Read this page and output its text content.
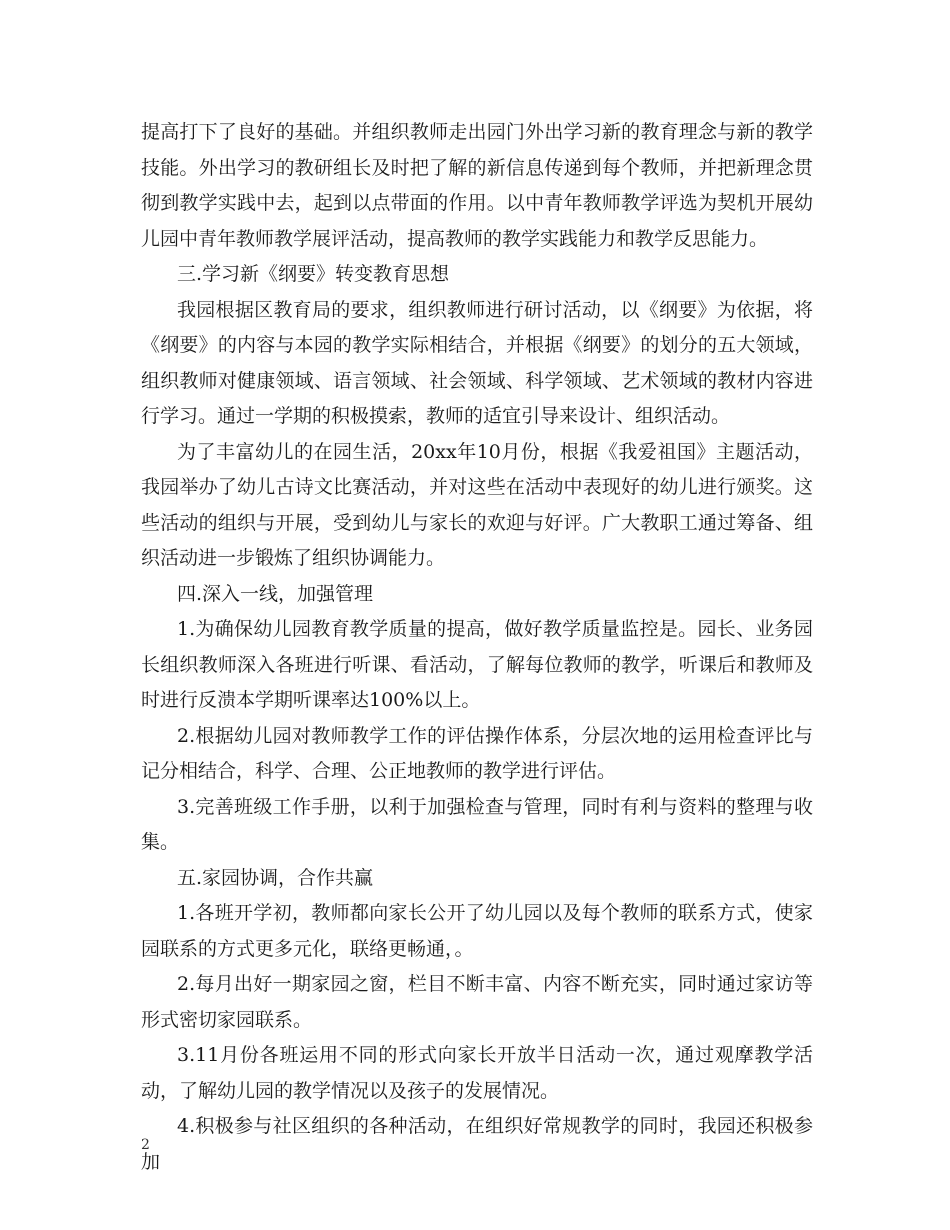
提高打下了良好的基础。并组织教师走出园门外出学习新的教育理念与新的教学技能。外出学习的教研组长及时把了解的新信息传递到每个教师，并把新理念贯彻到教学实践中去，起到以点带面的作用。以中青年教师教学评选为契机开展幼儿园中青年教师教学展评活动，提高教师的教学实践能力和教学反思能力。

三.学习新《纲要》转变教育思想

我园根据区教育局的要求，组织教师进行研讨活动，以《纲要》为依据，将《纲要》的内容与本园的教学实际相结合，并根据《纲要》的划分的五大领域，组织教师对健康领域、语言领域、社会领域、科学领域、艺术领域的教材内容进行学习。通过一学期的积极摸索，教师的适宜引导来设计、组织活动。

为了丰富幼儿的在园生活，20xx年10月份，根据《我爱祖国》主题活动，我园举办了幼儿古诗文比赛活动，并对这些在活动中表现好的幼儿进行颁奖。这些活动的组织与开展，受到幼儿与家长的欢迎与好评。广大教职工通过筹备、组织活动进一步锻炼了组织协调能力。

四.深入一线，加强管理

1.为确保幼儿园教育教学质量的提高，做好教学质量监控是。园长、业务园长组织教师深入各班进行听课、看活动，了解每位教师的教学，听课后和教师及时进行反溃本学期听课率达100%以上。

2.根据幼儿园对教师教学工作的评估操作体系，分层次地的运用检查评比与记分相结合，科学、合理、公正地教师的教学进行评估。

3.完善班级工作手册，以利于加强检查与管理，同时有利与资料的整理与收集。

五.家园协调，合作共赢

1.各班开学初，教师都向家长公开了幼儿园以及每个教师的联系方式，使家园联系的方式更多元化，联络更畅通，。

2.每月出好一期家园之窗，栏目不断丰富、内容不断充实，同时通过家访等形式密切家园联系。

3.11月份各班运用不同的形式向家长开放半日活动一次，通过观摩教学活动，了解幼儿园的教学情况以及孩子的发展情况。

4.积极参与社区组织的各种活动，在组织好常规教学的同时，我园还积极参加

2
